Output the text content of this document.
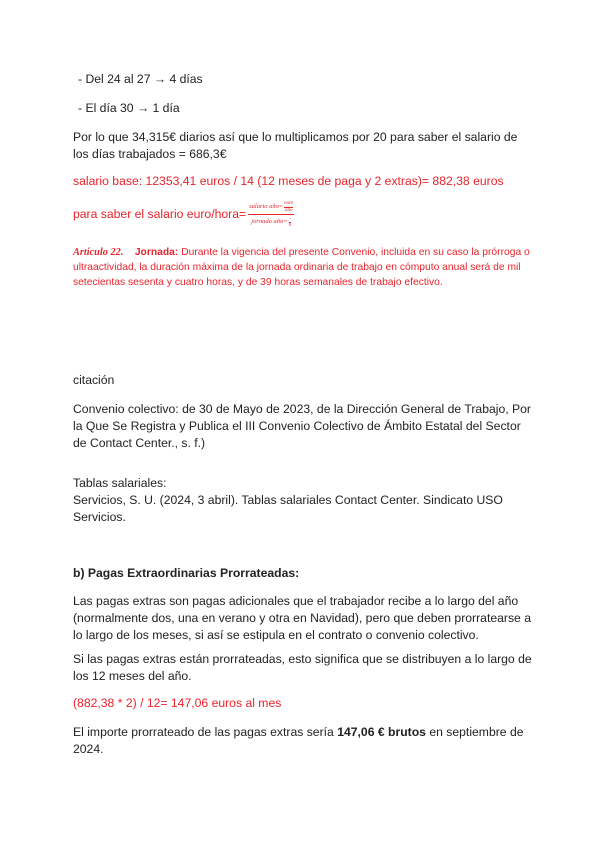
- Del 24 al 27 → 4 días
- El día 30 → 1 día
Por lo que 34,315€ diarios así que lo multiplicamos por 20 para saber el salario de los días trabajados = 686,3€
salario base: 12353,41 euros / 14 (12 meses de paga y 2 extras)= 882,38 euros
para saber el salario euro/hora= salario año= euro
año
jornada año= -
h
Artículo 22. Jornada: Durante la vigencia del presente Convenio, incluida en su caso la prórroga o ultraactividad, la duración máxima de la jornada ordinaria de trabajo en cómputo anual será de mil setecientas sesenta y cuatro horas, y de 39 horas semanales de trabajo efectivo.
citación
Convenio colectivo: de 30 de Mayo de 2023, de la Dirección General de Trabajo, Por la Que Se Registra y Publica el III Convenio Colectivo de Ámbito Estatal del Sector de Contact Center., s. f.)
Tablas salariales:
Servicios, S. U. (2024, 3 abril). Tablas salariales Contact Center. Sindicato USO Servicios.
b) Pagas Extraordinarias Prorrateadas:
Las pagas extras son pagas adicionales que el trabajador recibe a lo largo del año (normalmente dos, una en verano y otra en Navidad), pero que deben prorratearse a lo largo de los meses, si así se estipula en el contrato o convenio colectivo.
Si las pagas extras están prorrateadas, esto significa que se distribuyen a lo largo de los 12 meses del año.
(882,38 * 2) / 12= 147,06 euros al mes
El importe prorrateado de las pagas extras sería 147,06 € brutos en septiembre de 2024.
